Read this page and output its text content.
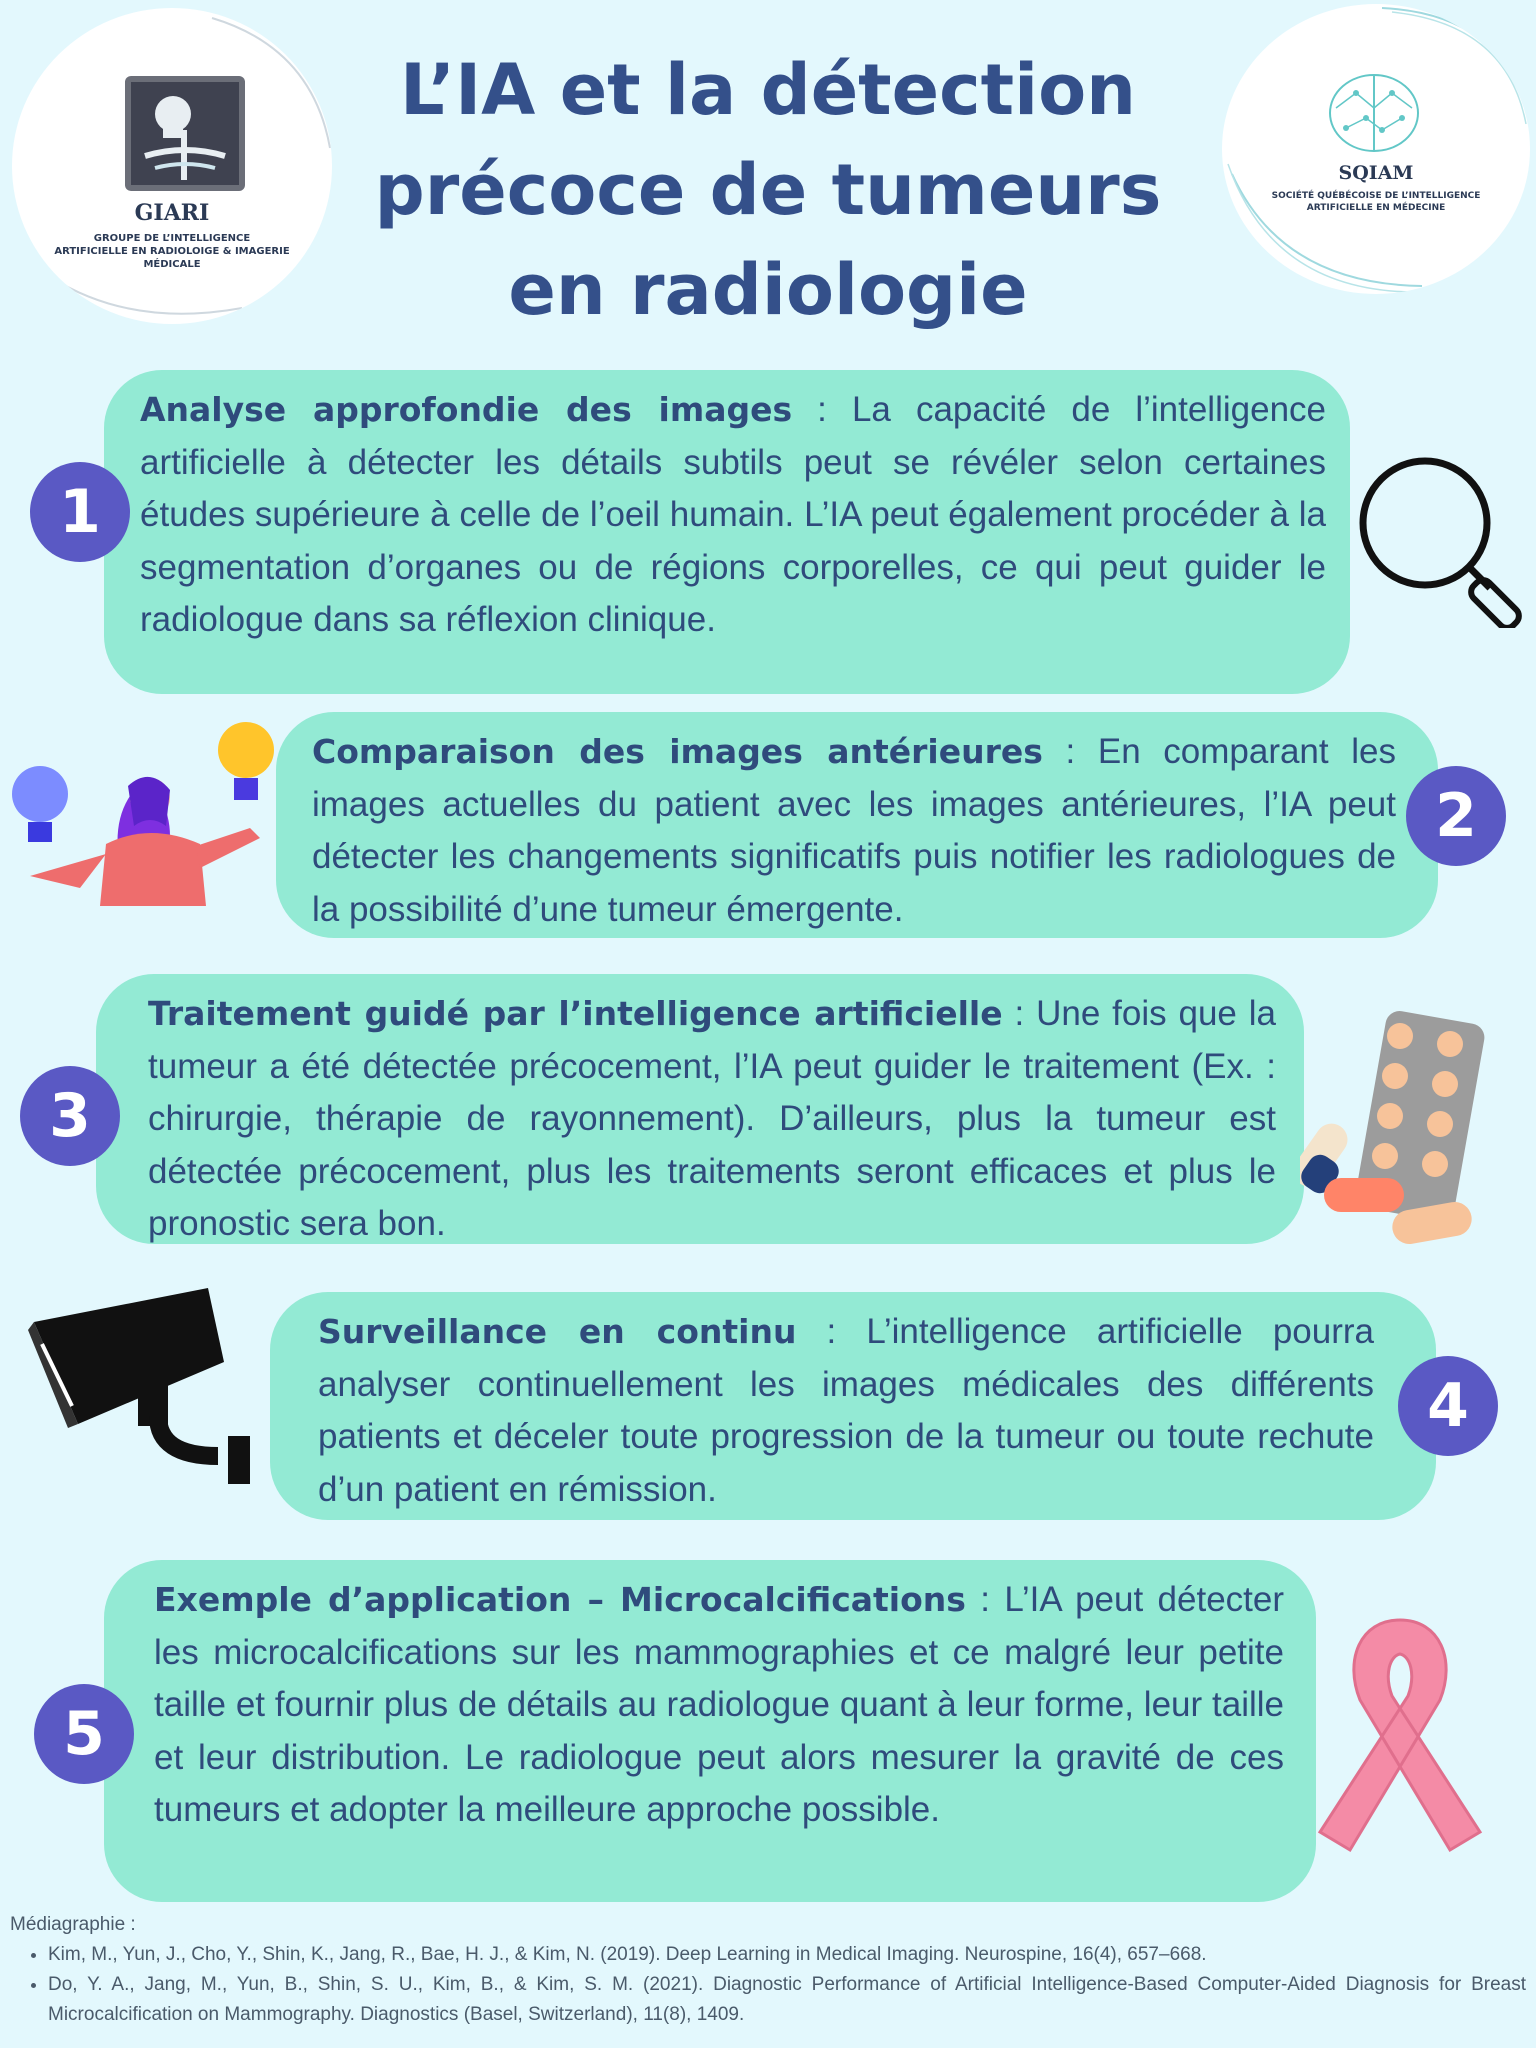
L’IA et la détection précoce de tumeurs en radiologie
GIARI
GROUPE DE L’INTELLIGENCE
ARTIFICIELLE EN RADIOLOIGE & IMAGERIE
MÉDICALE
SQIAM
SOCIÉTÉ QUÉBÉCOISE DE L’INTELLIGENCE
ARTIFICIELLE EN MÉDECINE

Analyse approfondie des images : La capacité de l’intelligence artificielle à détecter les détails subtils peut se révéler selon certaines études supérieure à celle de l’oeil humain. L’IA peut également procéder à la segmentation d’organes ou de régions corporelles, ce qui peut guider le radiologue dans sa réflexion clinique.

1

Comparaison des images antérieures : En comparant les images actuelles du patient avec les images antérieures, l’IA peut détecter les changements significatifs puis notifier les radiologues de la possibilité d’une tumeur émergente.

2

Traitement guidé par l’intelligence artificielle : Une fois que la tumeur a été détectée précocement, l’IA peut guider le traitement (Ex. : chirurgie, thérapie de rayonnement). D’ailleurs, plus la tumeur est détectée précocement, plus les traitements seront efficaces et plus le pronostic sera bon.

3

Surveillance en continu : L’intelligence artificielle pourra analyser continuellement les images médicales des différents patients et déceler toute progression de la tumeur ou toute rechute d’un patient en rémission.

4

Exemple d’application – Microcalcifications : L’IA peut détecter les microcalcifications sur les mammographies et ce malgré leur petite taille et fournir plus de détails au radiologue quant à leur forme, leur taille et leur distribution. Le radiologue peut alors mesurer la gravité de ces tumeurs et adopter la meilleure approche possible.

5
Médiagraphie :
• Kim, M., Yun, J., Cho, Y., Shin, K., Jang, R., Bae, H. J., & Kim, N. (2019). Deep Learning in Medical Imaging. Neurospine, 16(4), 657–668.
• Do, Y. A., Jang, M., Yun, B., Shin, S. U., Kim, B., & Kim, S. M. (2021). Diagnostic Performance of Artificial Intelligence-Based Computer-Aided Diagnosis for Breast Microcalcification on Mammography. Diagnostics (Basel, Switzerland), 11(8), 1409.
